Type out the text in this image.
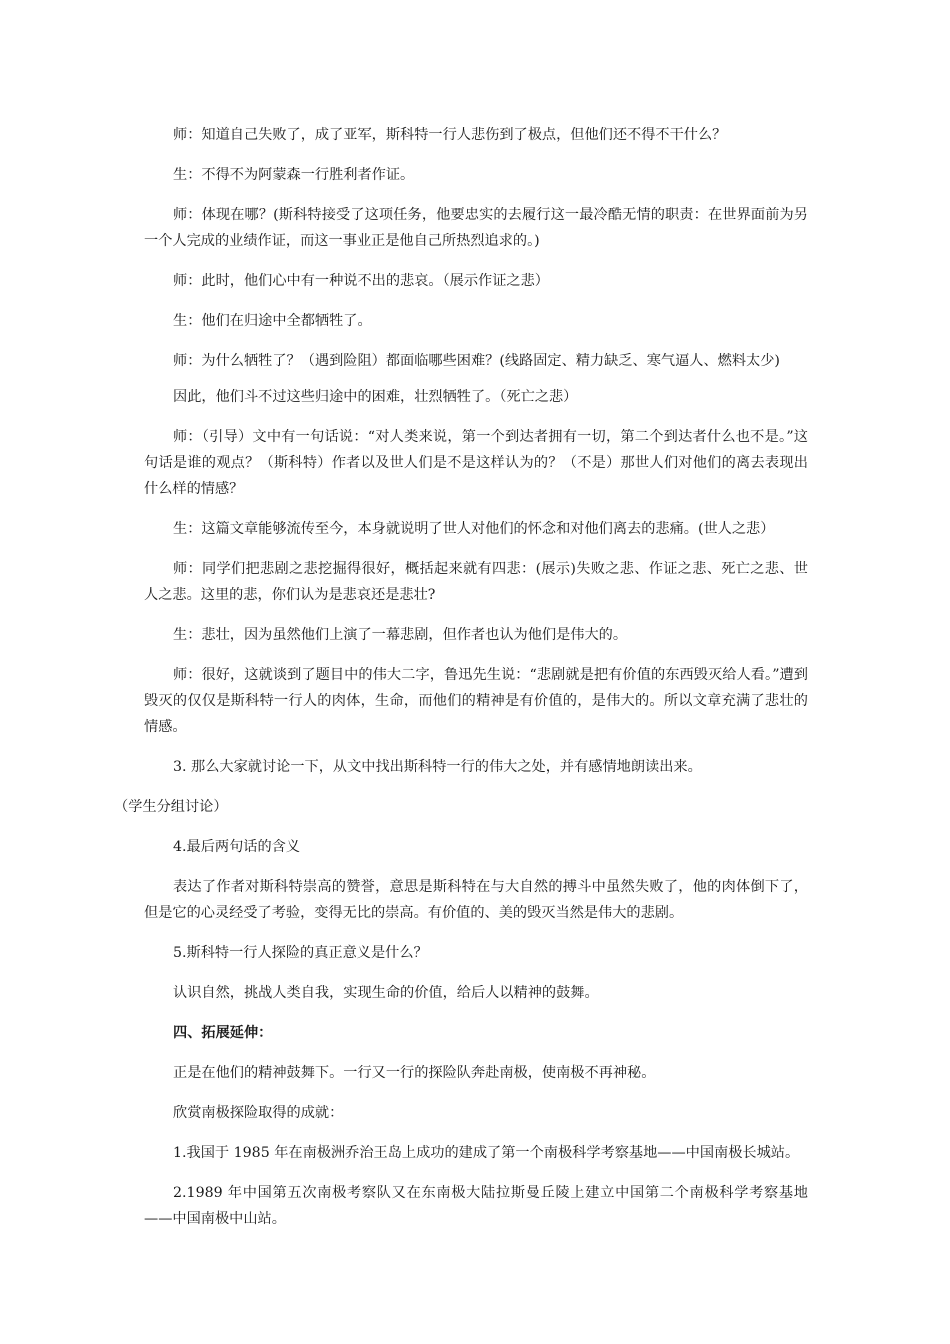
师：知道自己失败了，成了亚军，斯科特一行人悲伤到了极点，但他们还不得不干什么？

生：不得不为阿蒙森一行胜利者作证。

师：体现在哪？(斯科特接受了这项任务，他要忠实的去履行这一最冷酷无情的职责：在世界面前为另一个人完成的业绩作证，而这一事业正是他自己所热烈追求的。)

师：此时，他们心中有一种说不出的悲哀。（展示作证之悲）

生：他们在归途中全都牺牲了。

师：为什么牺牲了？（遇到险阻）都面临哪些困难？(线路固定、精力缺乏、寒气逼人、燃料太少)

因此，他们斗不过这些归途中的困难，壮烈牺牲了。（死亡之悲）

师：（引导）文中有一句话说：“对人类来说，第一个到达者拥有一切，第二个到达者什么也不是。”这句话是谁的观点？（斯科特）作者以及世人们是不是这样认为的？（不是）那世人们对他们的离去表现出什么样的情感？

生：这篇文章能够流传至今，本身就说明了世人对他们的怀念和对他们离去的悲痛。(世人之悲）

师：同学们把悲剧之悲挖掘得很好，概括起来就有四悲：(展示)失败之悲、作证之悲、死亡之悲、世人之悲。这里的悲，你们认为是悲哀还是悲壮?

生：悲壮，因为虽然他们上演了一幕悲剧，但作者也认为他们是伟大的。

师：很好，这就谈到了题目中的伟大二字，鲁迅先生说：“悲剧就是把有价值的东西毁灭给人看。”遭到毁灭的仅仅是斯科特一行人的肉体，生命，而他们的精神是有价值的，是伟大的。所以文章充满了悲壮的情感。

3. 那么大家就讨论一下，从文中找出斯科特一行的伟大之处，并有感情地朗读出来。

（学生分组讨论）

4.最后两句话的含义

表达了作者对斯科特崇高的赞誉，意思是斯科特在与大自然的搏斗中虽然失败了，他的肉体倒下了，但是它的心灵经受了考验，变得无比的崇高。有价值的、美的毁灭当然是伟大的悲剧。

5.斯科特一行人探险的真正意义是什么？

认识自然，挑战人类自我，实现生命的价值，给后人以精神的鼓舞。

四、拓展延伸：

正是在他们的精神鼓舞下。一行又一行的探险队奔赴南极，使南极不再神秘。

欣赏南极探险取得的成就：

1.我国于 1985 年在南极洲乔治王岛上成功的建成了第一个南极科学考察基地——中国南极长城站。

2.1989 年中国第五次南极考察队又在东南极大陆拉斯曼丘陵上建立中国第二个南极科学考察基地——中国南极中山站。
